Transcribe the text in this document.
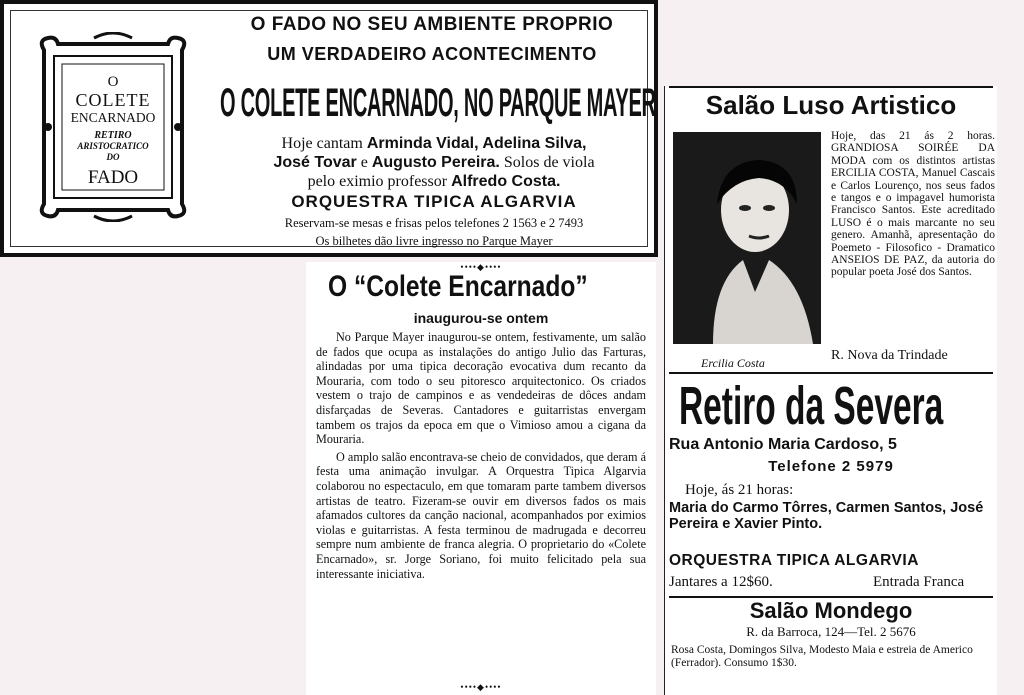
O
COLETE
ENCARNADO
RETIRO
ARISTOCRATICO
DO
FADO
O FADO NO SEU AMBIENTE PROPRIO
UM VERDADEIRO ACONTECIMENTO
O COLETE ENCARNADO, NO PARQUE MAYER
Hoje cantam Arminda Vidal, Adelina Silva,
José Tovar e Augusto Pereira. Solos de viola
pelo eximio professor Alfredo Costa.
ORQUESTRA TIPICA ALGARVIA
Reservam-se mesas e frisas pelos telefones 2 1563 e 2 7493
Os bilhetes dão livre ingresso no Parque Mayer
••••◆••••
O “Colete Encarnado”
inaugurou-se ontem

No Parque Mayer inaugurou-se ontem, festivamente, um salão de fados que ocupa as instalações do antigo Julio das Farturas, alindadas por uma tipica decoração evocativa dum recanto da Mouraria, com todo o seu pitoresco arquitectonico. Os criados vestem o trajo de campinos e as vendedeiras de dôces andam disfarçadas de Severas. Cantadores e guitarristas envergam tambem os trajos da epoca em que o Vimioso amou a cigana da Mouraria.

O amplo salão encontrava-se cheio de convidados, que deram á festa uma animação invulgar. A Orquestra Tipica Algarvia colaborou no espectaculo, em que tomaram parte tambem diversos artistas de teatro. Fizeram-se ouvir em diversos fados os mais afamados cultores da canção nacional, acompanhados por eximios violas e guitarristas. A festa terminou de madrugada e decorreu sempre num ambiente de franca alegria. O proprietario do «Colete Encarnado», sr. Jorge Soriano, foi muito felicitado pela sua interessante iniciativa.

••••◆••••
Salão Luso Artistico
Hoje, das 21 ás 2 horas. GRANDIOSA SOIRÉE DA MODA com os distintos artistas ERCILIA COSTA, Manuel Cascais e Carlos Lourenço, nos seus fados e tangos e o impagavel humorista Francisco Santos. Este acreditado LUSO é o mais marcante no seu genero. Amanhã, apresentação do Poemeto - Filosofico - Dramatico ANSEIOS DE PAZ, da autoria do popular poeta José dos Santos.
Ercilia Costa	R. Nova da Trindade
Retiro da Severa
Rua Antonio Maria Cardoso, 5
Telefone 2 5979
Hoje, ás 21 horas:
Maria do Carmo Tôrres, Carmen Santos, José Pereira e Xavier Pinto.
ORQUESTRA TIPICA ALGARVIA
Jantares a 12$60.	Entrada Franca
Salão Mondego
R. da Barroca, 124—Tel. 2 5676
Rosa Costa, Domingos Silva, Modesto Maia e estreia de Americo (Ferrador). Consumo 1$30.
